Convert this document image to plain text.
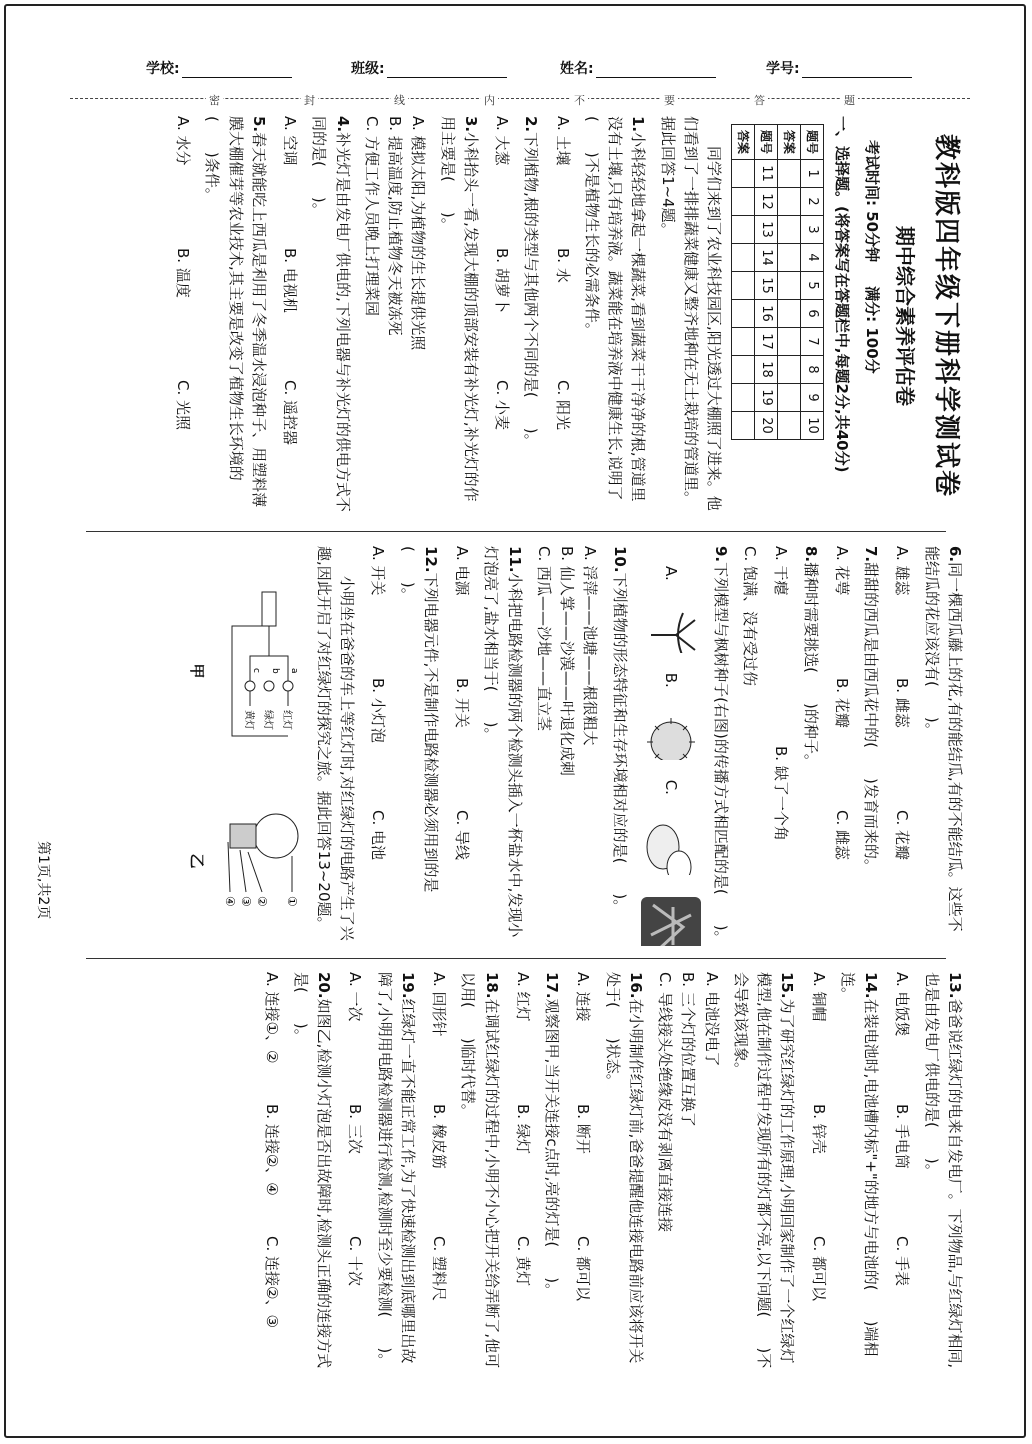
学校:	班级:	姓名:	学号:
密	封	线	内	不	要	答	题

教科版四年级下册科学测试卷

期中综合素养评估卷

考试时间: 50分钟满分: 100分

一、选择题。(将答案写在答题栏中,每题2分,共40分)

题号	1	2	3	4	5	6	7	8	9	10
答案										
题号	11	12	13	14	15	16	17	18	19	20
答案										

同学们来到了农业科技园区,阳光透过大棚照了进来。他们看到了一排排蔬菜健康又整齐地种在无土栽培的管道里。据此回答1~4题。

1.小科轻轻地拿起一棵蔬菜,看到蔬菜干干净净的根,管道里没有土壤,只有培养液。蔬菜能在培养液中健康生长,说明了(　　)不是植物生长的必需条件。

A. 土壤
B. 水
C. 阳光

2.下列植物,根的类型与其他两个不同的是(　　)。

A. 大葱
B. 胡萝卜
C. 小麦

3.小科抬头一看,发现大棚的顶部安装有补光灯,补光灯的作用主要是(　　)。

A. 模拟太阳,为植物的生长提供光照

B. 提高温度,防止植物冬天被冻死

C. 方便工作人员晚上打理菜园

4.补光灯是由发电厂供电的,下列电器与补光灯的供电方式不同的是(　　)。

A. 空调
B. 电视机
C. 遥控器

5.春天就能吃上西瓜是利用了冬季温水浸泡种子、用塑料薄膜大棚催芽等农业技术,其主要是改变了植物生长环境的(　　)条件。

A. 水分
B. 温度
C. 光照

6.同一棵西瓜藤上的花,有的能结瓜,有的不能结瓜。这些不能结瓜的花应该没有(　　)。

A. 雄蕊
B. 雌蕊
C. 花瓣

7.甜甜的西瓜是由西瓜花中的(　　)发育而来的。

A. 花萼
B. 花瓣
C. 雌蕊

8.播种时需要挑选(　　)的种子。

A. 干瘪
B. 缺了一个角

C. 饱满、没有受过伤

9.下列模型与枫树种子(右图)的传播方式相匹配的是(　　)。

A.
B.
C.

10.下列植物的形态特征和生存环境相对应的是(　　)。

A. 浮萍——池塘——根很粗大

B. 仙人掌——沙漠——叶退化成刺

C. 西瓜——沙地——直立茎

11.小科把电路检测器的两个检测头插入一杯盐水中,发现小灯泡亮了,盐水相当于(　　)。

A. 电源
B. 开关
C. 导线

12.下列电器元件,不是制作电路检测器必须用到的是(　　)。

A. 开关
B. 小灯泡
C. 电池

小明坐在爸爸的车上等红灯时,对红绿灯的电路产生了兴趣,因此开启了对红绿灯的探究之旅。据此回答13~20题。

a
b
c
红灯
绿灯
黄灯
甲
①
②
③
④
乙

13.爸爸说红绿灯的电来自发电厂。下列物品,与红绿灯相同,也是由发电厂供电的是(　　)。

A. 电饭煲
B. 手电筒
C. 手表

14.在装电池时,电池槽内标"+"的地方与电池的(　　)端相连。

A. 铜帽
B. 锌壳
C. 都可以

15.为了研究红绿灯的工作原理,小明回家制作了一个红绿灯模型,他在制作过程中发现所有的灯都不亮,以下问题(　　)不会导致该现象。

A. 电池没电了

B. 三个灯的位置互换了

C. 导线接头处绝缘皮没有剥离直接连接

16.在小明制作红绿灯前,爸爸提醒他连接电路前应该将开关处于(　　)状态。

A. 连接
B. 断开
C. 都可以

17.观察图甲,当开关连接c点时,亮的灯是(　　)。

A. 红灯
B. 绿灯
C. 黄灯

18.在调试红绿灯的过程中,小明不小心把开关给弄断了,他可以用(　　)临时代替。

A. 回形针
B. 橡皮筋
C. 塑料尺

19.红绿灯一直不能正常工作,为了快速检测出到底哪里出故障了,小明用电路检测器进行检测,检测时至少要检测(　　)。

A. 一次
B. 三次
C. 十次

20.如图乙,检测小灯泡是否出故障时,检测头正确的连接方式是(　　)。

A. 连接①、②
B. 连接②、④
C. 连接②、③
第1页,共2页
